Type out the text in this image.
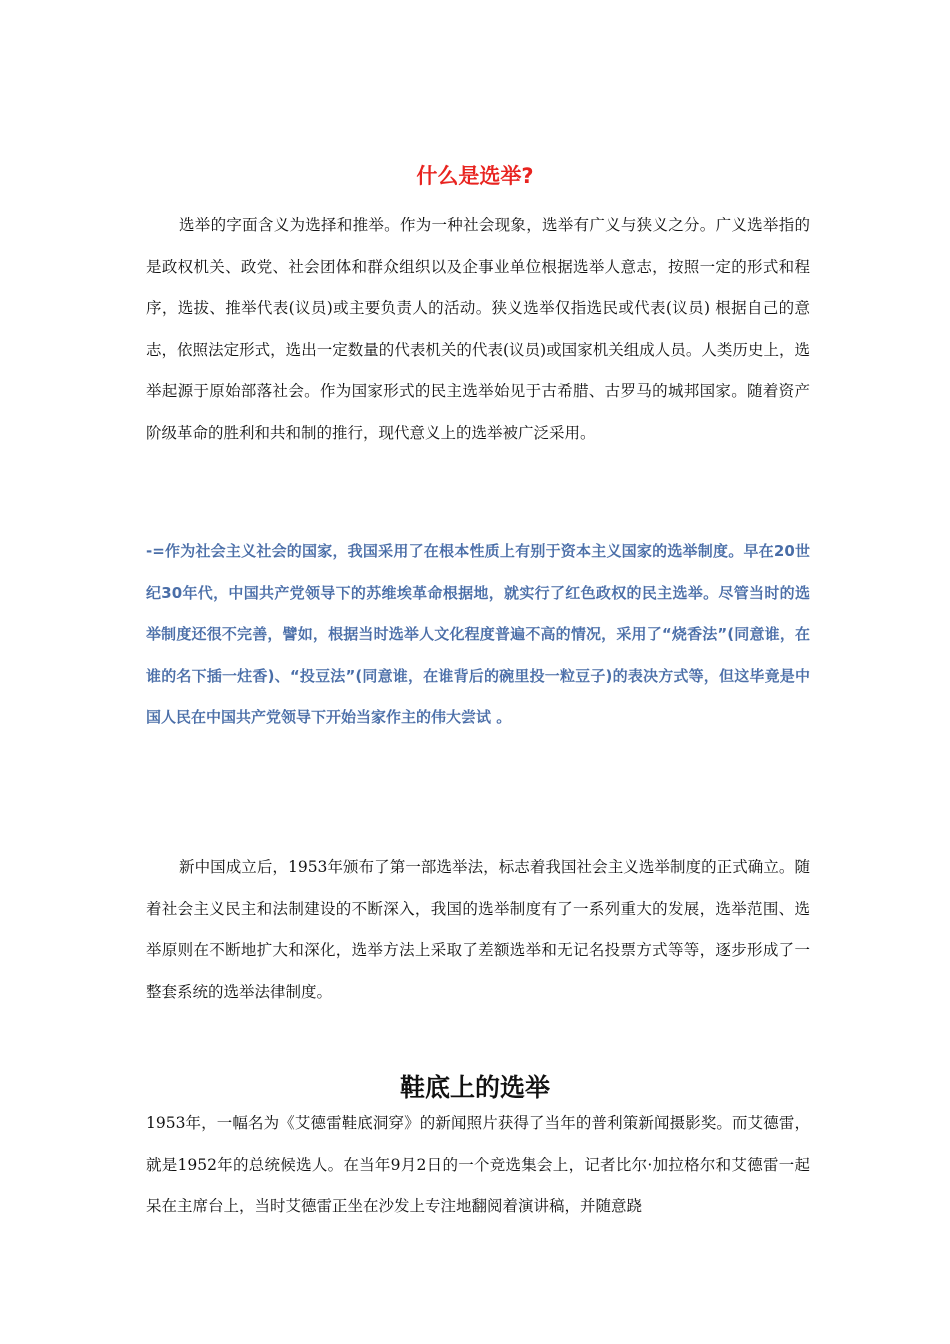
什么是选举?

选举的字面含义为选择和推举。作为一种社会现象，选举有广义与狭义之分。广义选举指的是政权机关、政党、社会团体和群众组织以及企事业单位根据选举人意志，按照一定的形式和程序，选拔、推举代表(议员)或主要负责人的活动。狭义选举仅指选民或代表(议员) 根据自己的意志，依照法定形式，选出一定数量的代表机关的代表(议员)或国家机关组成人员。人类历史上，选举起源于原始部落社会。作为国家形式的民主选举始见于古希腊、古罗马的城邦国家。随着资产阶级革命的胜利和共和制的推行，现代意义上的选举被广泛采用。

-=作为社会主义社会的国家，我国采用了在根本性质上有别于资本主义国家的选举制度。早在20世纪30年代，中国共产党领导下的苏维埃革命根据地，就实行了红色政权的民主选举。尽管当时的选举制度还很不完善，譬如，根据当时选举人文化程度普遍不高的情况，采用了“烧香法”(同意谁，在谁的名下插一炷香)、“投豆法”(同意谁，在谁背后的碗里投一粒豆子)的表决方式等，但这毕竟是中国人民在中国共产党领导下开始当家作主的伟大尝试 。

新中国成立后，1953年颁布了第一部选举法，标志着我国社会主义选举制度的正式确立。随着社会主义民主和法制建设的不断深入，我国的选举制度有了一系列重大的发展，选举范围、选举原则在不断地扩大和深化，选举方法上采取了差额选举和无记名投票方式等等，逐步形成了一整套系统的选举法律制度。

鞋底上的选举

1953年，一幅名为《艾德雷鞋底洞穿》的新闻照片获得了当年的普利策新闻摄影奖。而艾德雷，就是1952年的总统候选人。在当年9月2日的一个竞选集会上，记者比尔·加拉格尔和艾德雷一起呆在主席台上，当时艾德雷正坐在沙发上专注地翻阅着演讲稿，并随意跷
